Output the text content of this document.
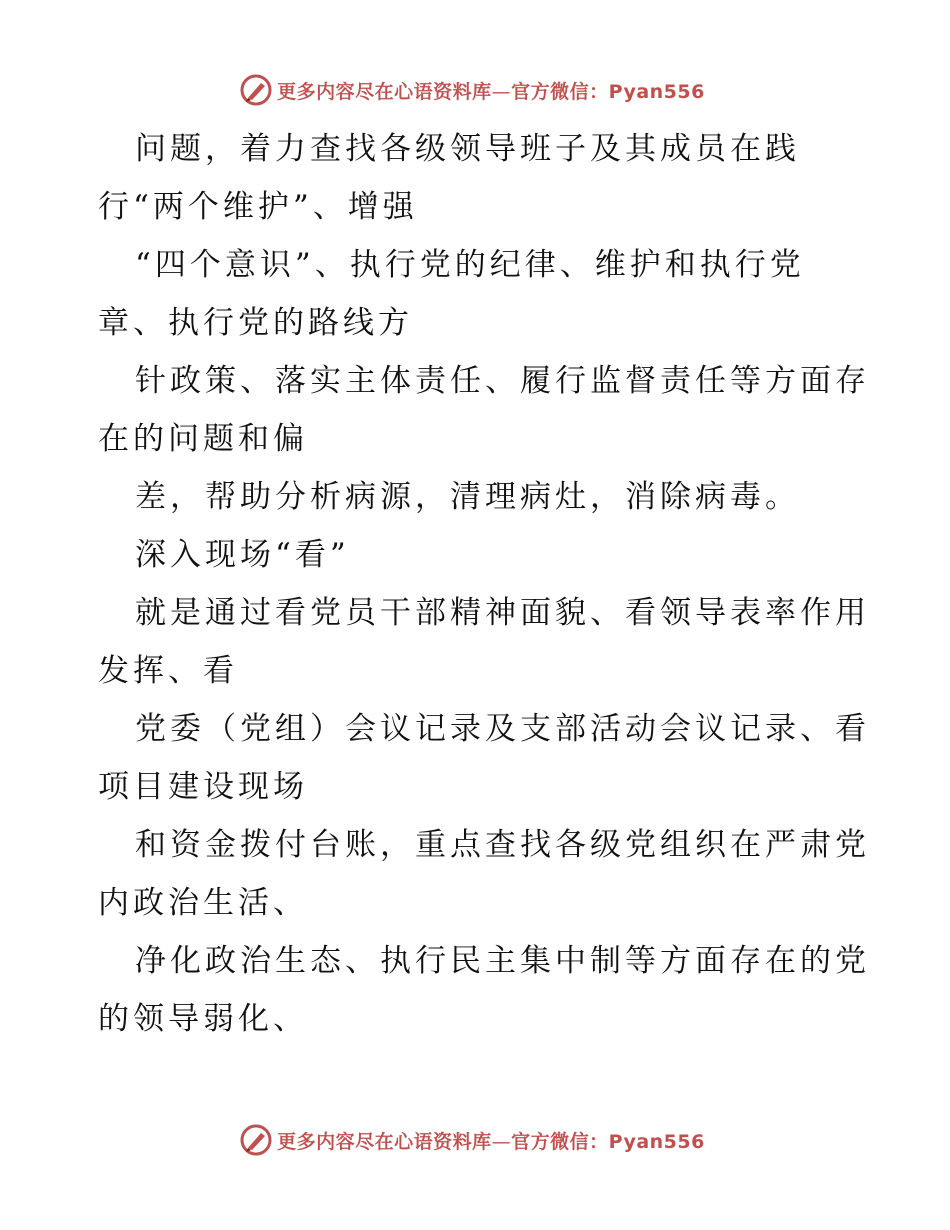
更多内容尽在心语资料库—官方微信：Pyan556
问题，着力查找各级领导班子及其成员在践
行“两个维护”、增强
“四个意识”、执行党的纪律、维护和执行党
章、执行党的路线方
针政策、落实主体责任、履行监督责任等方面存
在的问题和偏
差，帮助分析病源，清理病灶，消除病毒。
深入现场“看”
就是通过看党员干部精神面貌、看领导表率作用
发挥、看
党委（党组）会议记录及支部活动会议记录、看
项目建设现场
和资金拨付台账，重点查找各级党组织在严肃党
内政治生活、
净化政治生态、执行民主集中制等方面存在的党
的领导弱化、
更多内容尽在心语资料库—官方微信：Pyan556
